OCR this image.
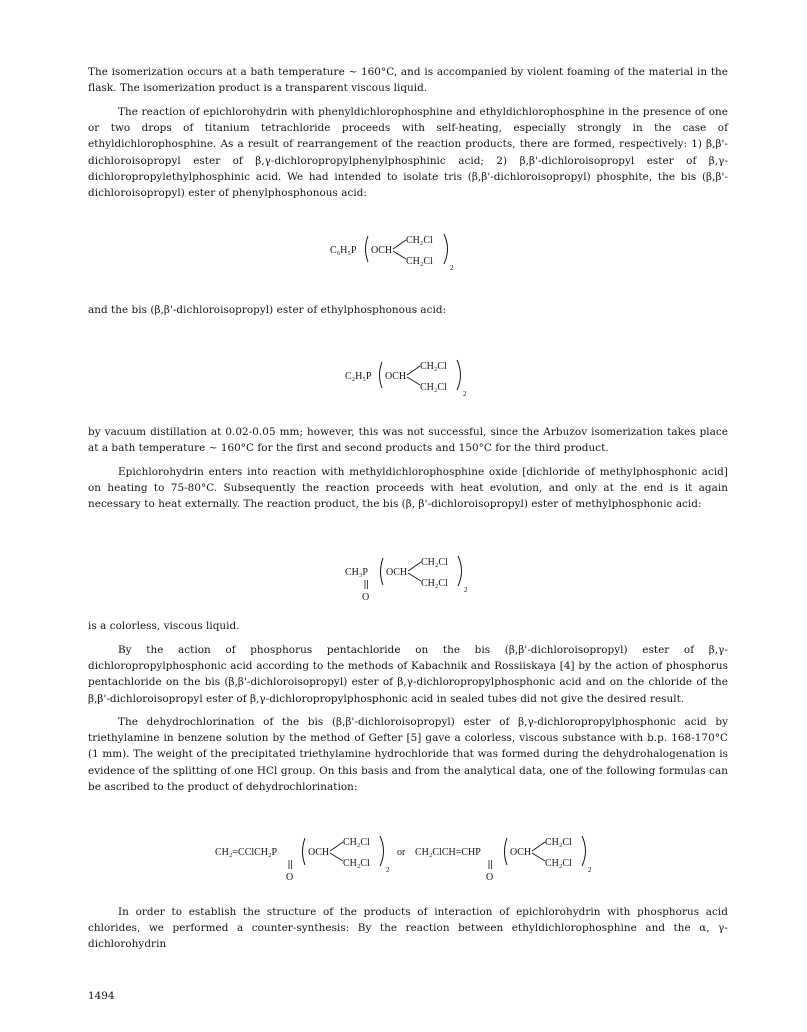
The isomerization occurs at a bath temperature ~ 160°C, and is accompanied by violent foaming of the material in the flask. The isomerization product is a transparent viscous liquid.

The reaction of epichlorohydrin with phenyldichlorophosphine and ethyldichlorophosphine in the presence of one or two drops of titanium tetrachloride proceeds with self-heating, especially strongly in the case of ethyldichlorophosphine. As a result of rearrangement of the reaction products, there are formed, respectively: 1) β,β'-dichloroisopropyl ester of β,γ-dichloropropylphenylphosphinic acid; 2) β,β'-dichloroisopropyl ester of β,γ-dichloropropylethylphosphinic acid. We had intended to isolate tris (β,β'-dichloroisopropyl) phosphite, the bis (β,β'-dichloroisopropyl) ester of phenylphosphonous acid:

C₆H₅P OCH
CH₂Cl
CH₂Cl
2

and the bis (β,β'-dichloroisopropyl) ester of ethylphosphonous acid:

C₂H₅P OCH
CH₂Cl
CH₂Cl
2

by vacuum distillation at 0.02-0.05 mm; however, this was not successful, since the Arbuzov isomerization takes place at a bath temperature ~ 160°C for the first and second products and 150°C for the third product.

Epichlorohydrin enters into reaction with methyldichlorophosphine oxide [dichloride of methylphosphonic acid] on heating to 75-80°C. Subsequently the reaction proceeds with heat evolution, and only at the end is it again necessary to heat externally. The reaction product, the bis (β, β'-dichloroisopropyl) ester of methylphosphonic acid:

CH₃P
O
OCH
CH₂Cl
CH₂Cl
2

is a colorless, viscous liquid.

By the action of phosphorus pentachloride on the bis (β,β'-dichloroisopropyl) ester of β,γ-dichloropropylphosphonic acid according to the methods of Kabachnik and Rossiiskaya [4] by the action of phosphorus pentachloride on the bis (β,β'-dichloroisopropyl) ester of β,γ-dichloropropylphosphonic acid and on the chloride of the β,β'-dichloroisopropyl ester of β,γ-dichloropropylphosphonic acid in sealed tubes did not give the desired result.

The dehydrochlorination of the bis (β,β'-dichloroisopropyl) ester of β,γ-dichloropropylphosphonic acid by triethylamine in benzene solution by the method of Gefter [5] gave a colorless, viscous substance with b.p. 168-170°C (1 mm). The weight of the precipitated triethylamine hydrochloride that was formed during the dehydrohalogenation is evidence of the splitting of one HCl group. On this basis and from the analytical data, one of the following formulas can be ascribed to the product of dehydrochlorination:

CH₂=CClCH₂P
O
OCH
CH₂Cl
CH₂Cl
2
or CH₂ClCH=CHP
O
OCH
CH₂Cl
CH₂Cl
2

In order to establish the structure of the products of interaction of epichlorohydrin with phosphorus acid chlorides, we performed a counter-synthesis: By the reaction between ethyldichlorophosphine and the α, γ-dichlorohydrin

1494
